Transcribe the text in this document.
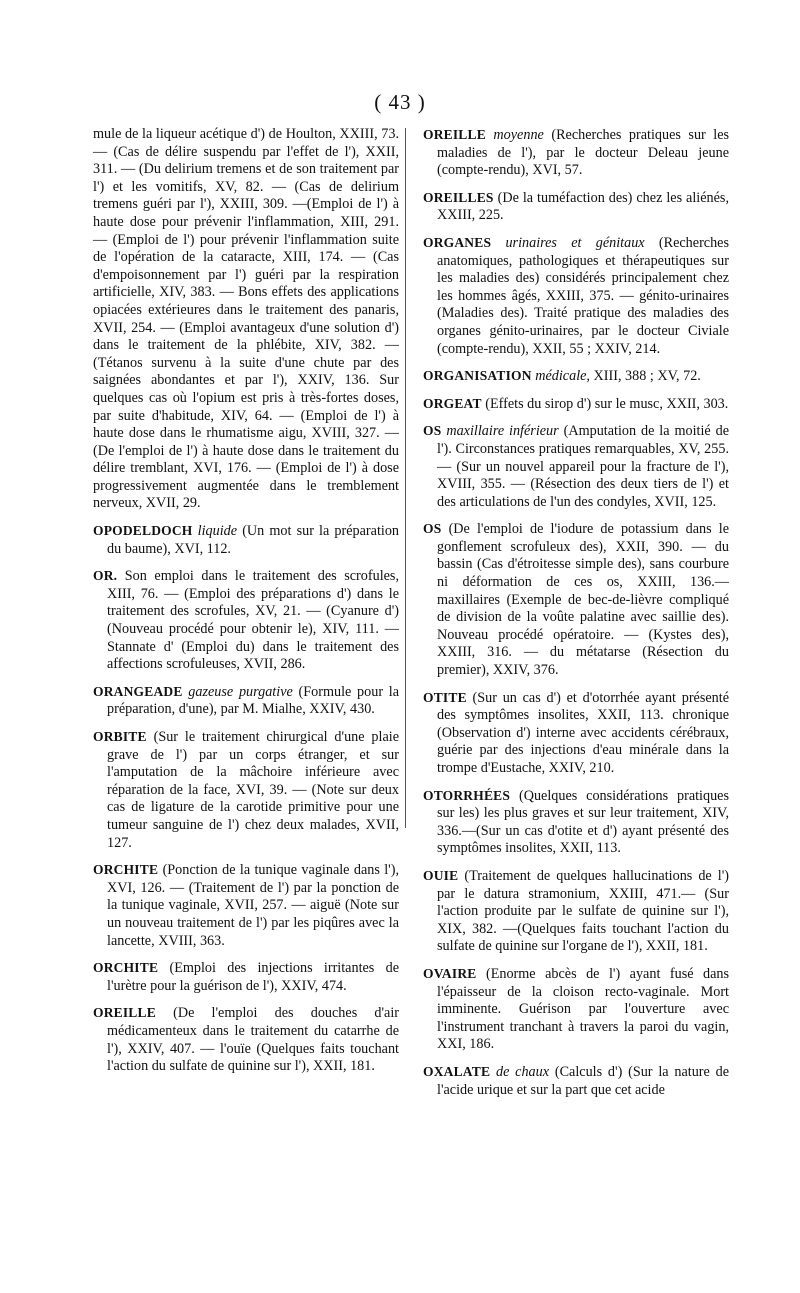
( 43 )

mule de la liqueur acétique d') de Houlton, XXIII, 73. — (Cas de délire suspendu par l'effet de l'), XXII, 311. — (Du delirium tremens et de son traitement par l') et les vomitifs, XV, 82. — (Cas de delirium tremens guéri par l'), XXIII, 309. —(Emploi de l') à haute dose pour prévenir l'inflammation, XIII, 291. — (Emploi de l') pour prévenir l'inflammation suite de l'opération de la cataracte, XIII, 174. — (Cas d'empoisonnement par l') guéri par la respiration artificielle, XIV, 383. — Bons effets des applications opiacées extérieures dans le traitement des panaris, XVII, 254. — (Emploi avantageux d'une solution d') dans le traitement de la phlébite, XIV, 382. — (Tétanos survenu à la suite d'une chute par des saignées abondantes et par l'), XXIV, 136. Sur quelques cas où l'opium est pris à très-fortes doses, par suite d'habitude, XIV, 64. — (Emploi de l') à haute dose dans le rhumatisme aigu, XVIII, 327. — (De l'emploi de l') à haute dose dans le traitement du délire tremblant, XVI, 176. — (Emploi de l') à dose progressivement augmentée dans le tremblement nerveux, XVII, 29.

OPODELDOCH liquide (Un mot sur la préparation du baume), XVI, 112.

OR. Son emploi dans le traitement des scrofules, XIII, 76. — (Emploi des préparations d') dans le traitement des scrofules, XV, 21. — (Cyanure d') (Nouveau procédé pour obtenir le), XIV, 111. — Stannate d' (Emploi du) dans le traitement des affections scrofuleuses, XVII, 286.

ORANGEADE gazeuse purgative (Formule pour la préparation, d'une), par M. Mialhe, XXIV, 430.

ORBITE (Sur le traitement chirurgical d'une plaie grave de l') par un corps étranger, et sur l'amputation de la mâchoire inférieure avec réparation de la face, XVI, 39. — (Note sur deux cas de ligature de la carotide primitive pour une tumeur sanguine de l') chez deux malades, XVII, 127.

ORCHITE (Ponction de la tunique vaginale dans l'), XVI, 126. — (Traitement de l') par la ponction de la tunique vaginale, XVII, 257. — aiguë (Note sur un nouveau traitement de l') par les piqûres avec la lancette, XVIII, 363.

ORCHITE (Emploi des injections irritantes de l'urètre pour la guérison de l'), XXIV, 474.

OREILLE (De l'emploi des douches d'air médicamenteux dans le traitement du catarrhe de l'), XXIV, 407. — l'ouïe (Quelques faits touchant l'action du sulfate de quinine sur l'), XXII, 181.

OREILLE moyenne (Recherches pratiques sur les maladies de l'), par le docteur Deleau jeune (compte-rendu), XVI, 57.

OREILLES (De la tuméfaction des) chez les aliénés, XXIII, 225.

ORGANES urinaires et génitaux (Recherches anatomiques, pathologiques et thérapeutiques sur les maladies des) considérés principalement chez les hommes âgés, XXIII, 375. — génito-urinaires (Maladies des). Traité pratique des maladies des organes génito-urinaires, par le docteur Civiale (compte-rendu), XXII, 55 ; XXIV, 214.

ORGANISATION médicale, XIII, 388 ; XV, 72.

ORGEAT (Effets du sirop d') sur le musc, XXII, 303.

OS maxillaire inférieur (Amputation de la moitié de l'). Circonstances pratiques remarquables, XV, 255. — (Sur un nouvel appareil pour la fracture de l'), XVIII, 355. — (Résection des deux tiers de l') et des articulations de l'un des condyles, XVII, 125.

OS (De l'emploi de l'iodure de potassium dans le gonflement scrofuleux des), XXII, 390. — du bassin (Cas d'étroitesse simple des), sans courbure ni déformation de ces os, XXIII, 136.— maxillaires (Exemple de bec-de-lièvre compliqué de division de la voûte palatine avec saillie des). Nouveau procédé opératoire. — (Kystes des), XXIII, 316. — du métatarse (Résection du premier), XXIV, 376.

OTITE (Sur un cas d') et d'otorrhée ayant présenté des symptômes insolites, XXII, 113. chronique (Observation d') interne avec accidents cérébraux, guérie par des injections d'eau minérale dans la trompe d'Eustache, XXIV, 210.

OTORRHÉES (Quelques considérations pratiques sur les) les plus graves et sur leur traitement, XIV, 336.—(Sur un cas d'otite et d') ayant présenté des symptômes insolites, XXII, 113.

OUIE (Traitement de quelques hallucinations de l') par le datura stramonium, XXIII, 471.— (Sur l'action produite par le sulfate de quinine sur l'), XIX, 382. —(Quelques faits touchant l'action du sulfate de quinine sur l'organe de l'), XXII, 181.

OVAIRE (Enorme abcès de l') ayant fusé dans l'épaisseur de la cloison recto-vaginale. Mort imminente. Guérison par l'ouverture avec l'instrument tranchant à travers la paroi du vagin, XXI, 186.

OXALATE de chaux (Calculs d') (Sur la nature de l'acide urique et sur la part que cet acide
